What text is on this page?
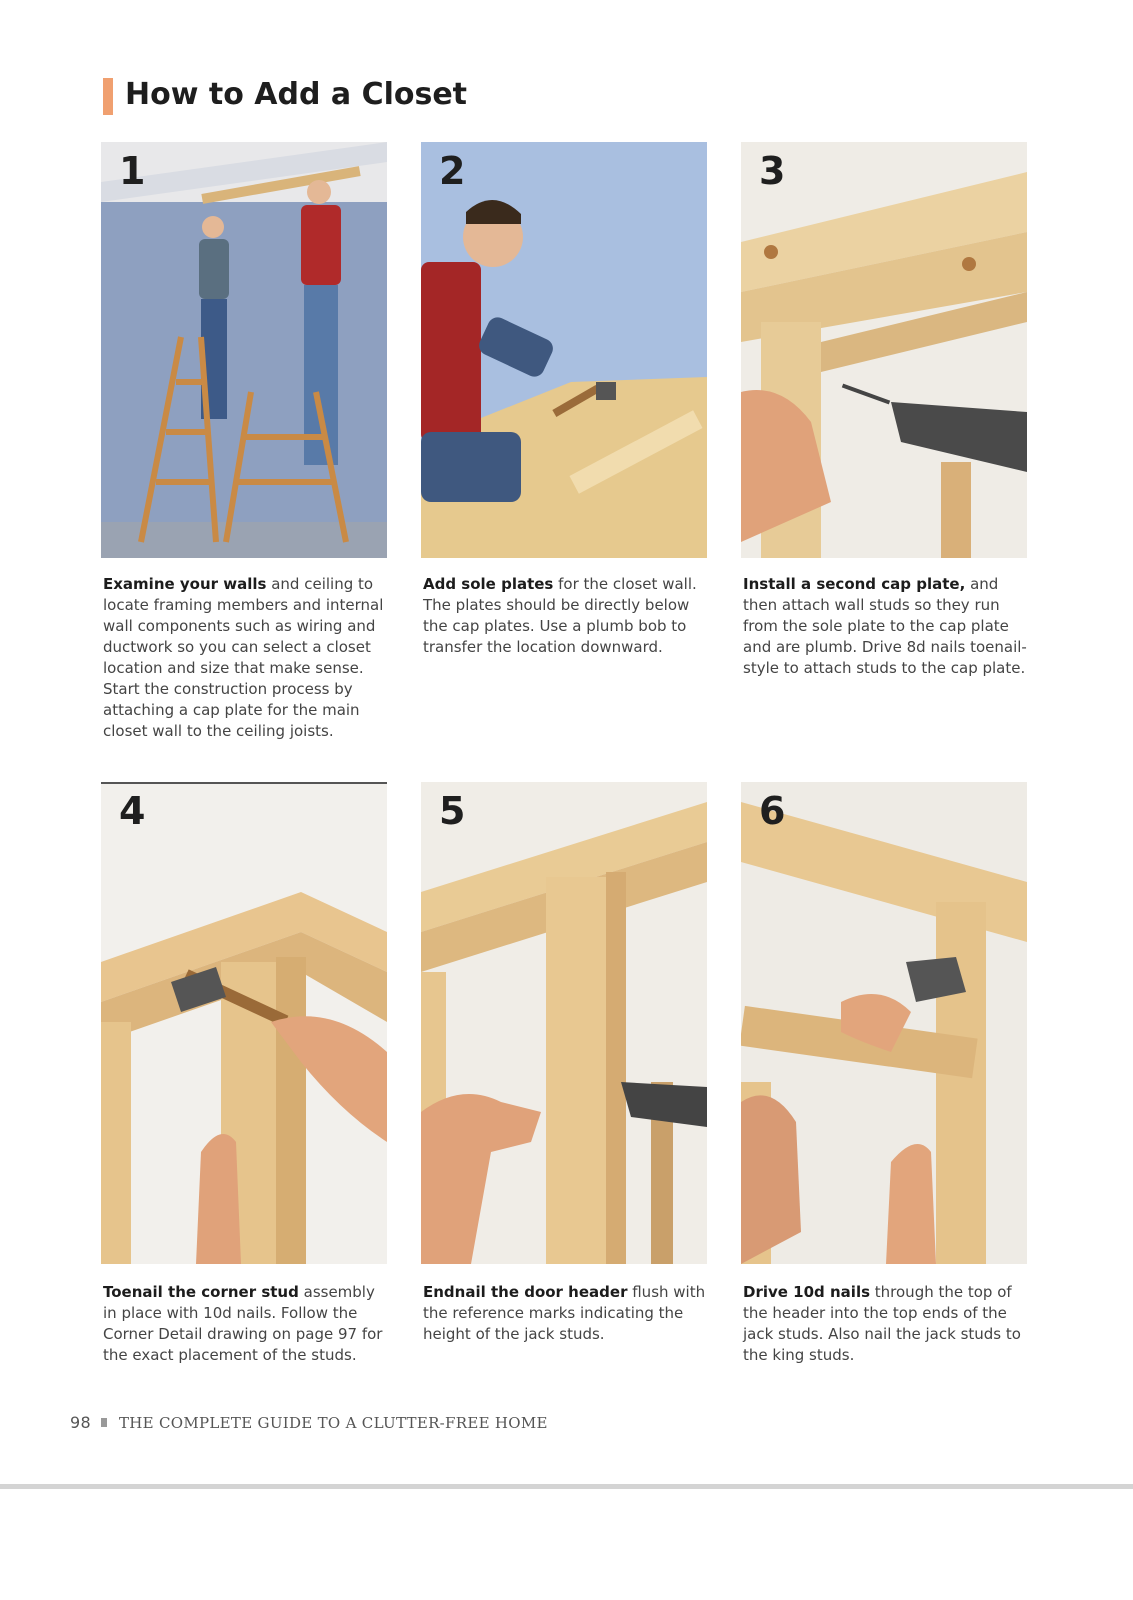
How to Add a Closet
1	2	3
4	5	6

Examine your walls and ceiling to locate framing members and internal wall components such as wiring and ductwork so you can select a closet location and size that make sense. Start the construction process by attaching a cap plate for the main closet wall to the ceiling joists.

Add sole plates for the closet wall. The plates should be directly below the cap plates. Use a plumb bob to transfer the location downward.

Install a second cap plate, and then attach wall studs so they run from the sole plate to the cap plate and are plumb. Drive 8d nails toenail-style to attach studs to the cap plate.

Toenail the corner stud assembly in place with 10d nails. Follow the Corner Detail drawing on page 97 for the exact placement of the studs.

Endnail the door header flush with the reference marks indicating the height of the jack studs.

Drive 10d nails through the top of the header into the top ends of the jack studs. Also nail the jack studs to the king studs.

98 THE COMPLETE GUIDE TO A CLUTTER-FREE HOME
